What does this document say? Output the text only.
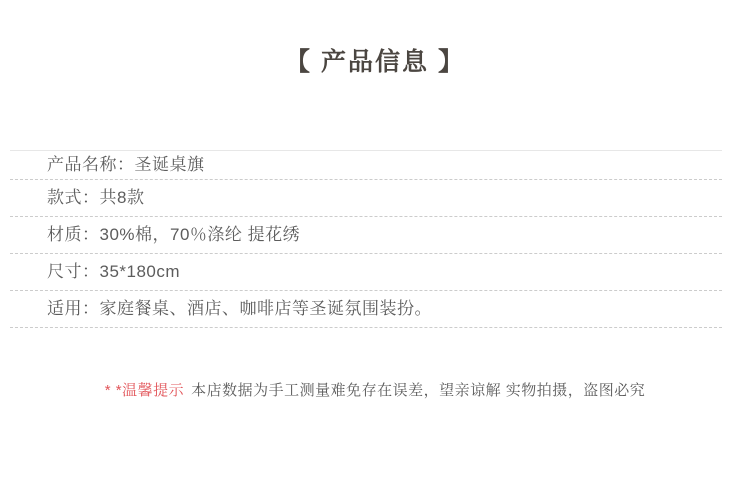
【 产品信息 】
产品名称：圣诞桌旗
款式：共8款
材质：30%棉，70％涤纶 提花绣
尺寸：35*180cm
适用：家庭餐桌、酒店、咖啡店等圣诞氛围装扮。
* *温馨提示 本店数据为手工测量难免存在误差，望亲谅解 实物拍摄，盗图必究
